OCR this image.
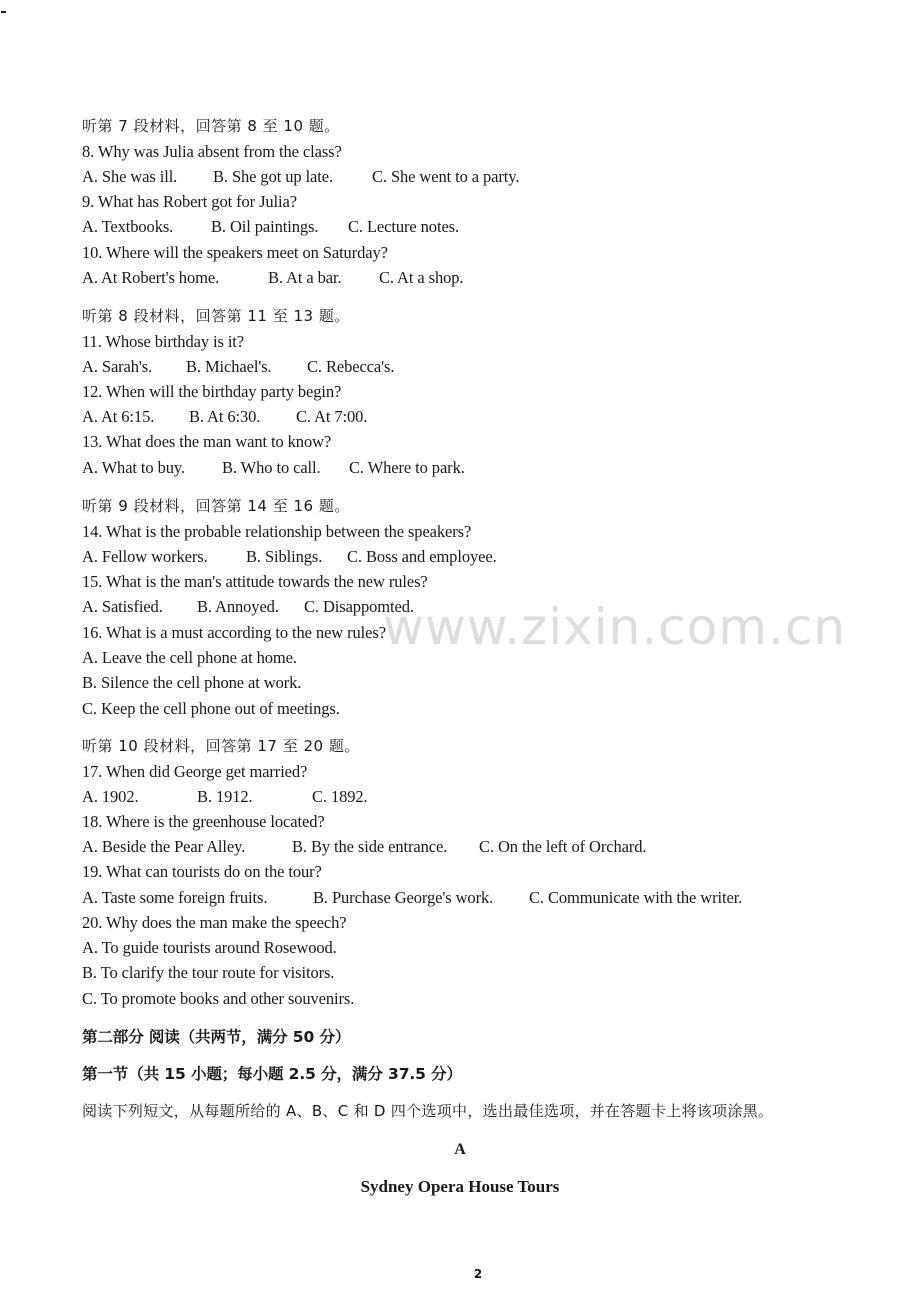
听第 7 段材料，回答第 8 至 10 题。
8. Why was Julia absent from the class?
A. She was ill. B. She got up late. C. She went to a party.
9. What has Robert got for Julia?
A. Textbooks. B. Oil paintings. C. Lecture notes.
10. Where will the speakers meet on Saturday?
A. At Robert's home.	B. At a bar. C. At a shop.
听第 8 段材料，回答第 11 至 13 题。
11. Whose birthday is it?
A. Sarah's. B. Michael's. C. Rebecca's.
12. When will the birthday party begin?
A. At 6:15. B. At 6:30. C. At 7:00.
13. What does the man want to know?
A. What to buy. B. Who to call. C. Where to park.
听第 9 段材料，回答第 14 至 16 题。
14. What is the probable relationship between the speakers?
A. Fellow workers. B. Siblings. C. Boss and employee.
15. What is the man's attitude towards the new rules?
A. Satisfied. B. Annoyed. C. Disappomted.
16. What is a must according to the new rules?
A. Leave the cell phone at home.
B. Silence the cell phone at work.
C. Keep the cell phone out of meetings.
听第 10 段材料，回答第 17 至 20 题。
17. When did George get married?
A. 1902.	B. 1912.	C. 1892.
18. Where is the greenhouse located?
A. Beside the Pear Alley.	B. By the side entrance. C. On the left of Orchard.
19. What can tourists do on the tour?
A. Taste some foreign fruits.	B. Purchase George's work. C. Communicate with the writer.
20. Why does the man make the speech?
A. To guide tourists around Rosewood.
B. To clarify the tour route for visitors.
C. To promote books and other souvenirs.
第二部分 阅读（共两节，满分 50 分）
第一节（共 15 小题；每小题 2.5 分，满分 37.5 分）
阅读下列短文，从每题所给的 A、B、C 和 D 四个选项中，选出最佳选项，并在答题卡上将该项涂黑。
A
Sydney Opera House Tours
www.zixin.com.cn
2
